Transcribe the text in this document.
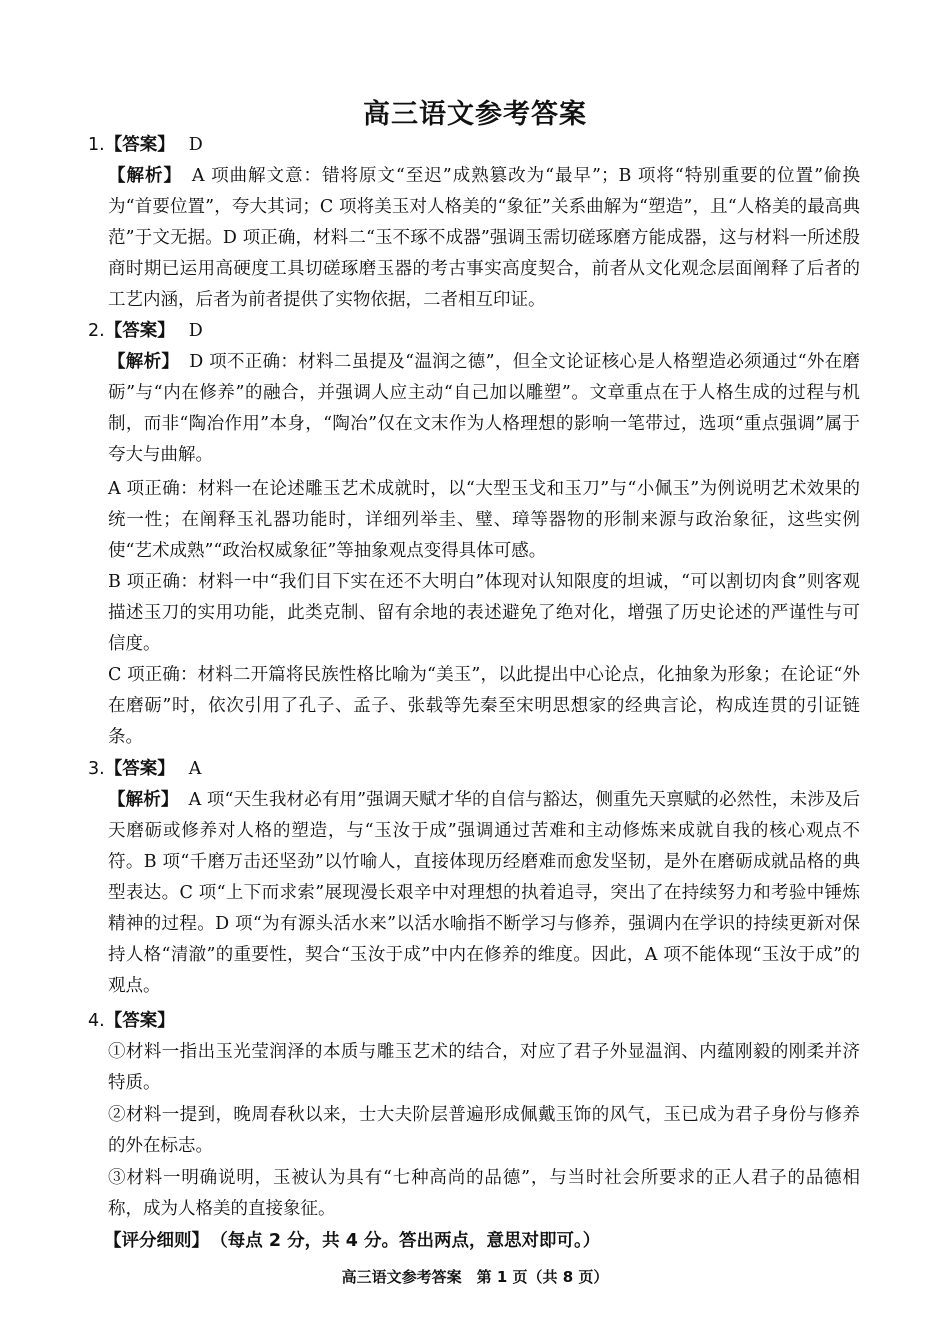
高三语文参考答案
1.【答案】 D

【解析】 A 项曲解文意：错将原文“至迟”成熟篡改为“最早”；B 项将“特别重要的位置”偷换为“首要位置”，夸大其词；C 项将美玉对人格美的“象征”关系曲解为“塑造”，且“人格美的最高典范”于文无据。D 项正确，材料二“玉不琢不成器”强调玉需切磋琢磨方能成器，这与材料一所述殷商时期已运用高硬度工具切磋琢磨玉器的考古事实高度契合，前者从文化观念层面阐释了后者的工艺内涵，后者为前者提供了实物依据，二者相互印证。

2.【答案】 D

【解析】 D 项不正确：材料二虽提及“温润之德”，但全文论证核心是人格塑造必须通过“外在磨砺”与“内在修养”的融合，并强调人应主动“自己加以雕塑”。文章重点在于人格生成的过程与机制，而非“陶冶作用”本身，“陶冶”仅在文末作为人格理想的影响一笔带过，选项“重点强调”属于夸大与曲解。

A 项正确：材料一在论述雕玉艺术成就时，以“大型玉戈和玉刀”与“小佩玉”为例说明艺术效果的统一性；在阐释玉礼器功能时，详细列举圭、璧、璋等器物的形制来源与政治象征，这些实例使“艺术成熟”“政治权威象征”等抽象观点变得具体可感。

B 项正确：材料一中“我们目下实在还不大明白”体现对认知限度的坦诚，“可以割切肉食”则客观描述玉刀的实用功能，此类克制、留有余地的表述避免了绝对化，增强了历史论述的严谨性与可信度。

C 项正确：材料二开篇将民族性格比喻为“美玉”，以此提出中心论点，化抽象为形象；在论证“外在磨砺”时，依次引用了孔子、孟子、张载等先秦至宋明思想家的经典言论，构成连贯的引证链条。

3.【答案】 A

【解析】 A 项“天生我材必有用”强调天赋才华的自信与豁达，侧重先天禀赋的必然性，未涉及后天磨砺或修养对人格的塑造，与“玉汝于成”强调通过苦难和主动修炼来成就自我的核心观点不符。B 项“千磨万击还坚劲”以竹喻人，直接体现历经磨难而愈发坚韧，是外在磨砺成就品格的典型表达。C 项“上下而求索”展现漫长艰辛中对理想的执着追寻，突出了在持续努力和考验中锤炼精神的过程。D 项“为有源头活水来”以活水喻指不断学习与修养，强调内在学识的持续更新对保持人格“清澈”的重要性，契合“玉汝于成”中内在修养的维度。因此，A 项不能体现“玉汝于成”的观点。

4.【答案】

①材料一指出玉光莹润泽的本质与雕玉艺术的结合，对应了君子外显温润、内蕴刚毅的刚柔并济特质。

②材料一提到，晚周春秋以来，士大夫阶层普遍形成佩戴玉饰的风气，玉已成为君子身份与修养的外在标志。

③材料一明确说明，玉被认为具有“七种高尚的品德”，与当时社会所要求的正人君子的品德相称，成为人格美的直接象征。

【评分细则】 （每点 2 分，共 4 分。答出两点，意思对即可。）
高三语文参考答案　第 1 页（共 8 页）
